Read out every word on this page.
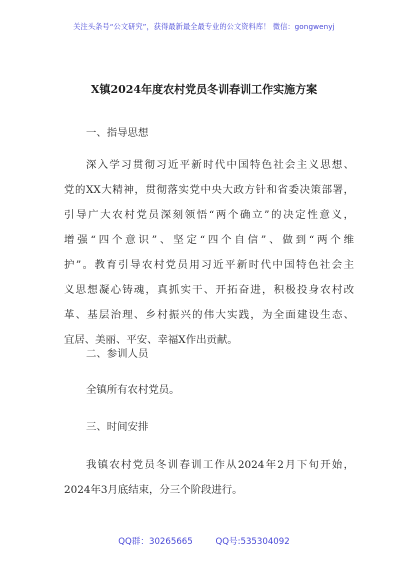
关注头条号“公文研究”，获得最新最全最专业的公文资料库！ 微信：gongwenyj
X镇2024年度农村党员冬训春训工作实施方案
一、指导思想
深入学习贯彻习近平新时代中国特色社会主义思想、
党的XX大精神，贯彻落实党中央大政方针和省委决策部署，
引导广大农村党员深刻领悟“两个确立”的决定性意义，
增强“四个意识”、坚定“四个自信”、做到“两个维
护”。教育引导农村党员用习近平新时代中国特色社会主
义思想凝心铸魂，真抓实干、开拓奋进，积极投身农村改
革、基层治理、乡村振兴的伟大实践，为全面建设生态、
宜居、美丽、平安、幸福X作出贡献。
二、参训人员
全镇所有农村党员。
三、时间安排
我镇农村党员冬训春训工作从2024年2月下旬开始，
2024年3月底结束，分三个阶段进行。
QQ群：30265665	QQ号:535304092
